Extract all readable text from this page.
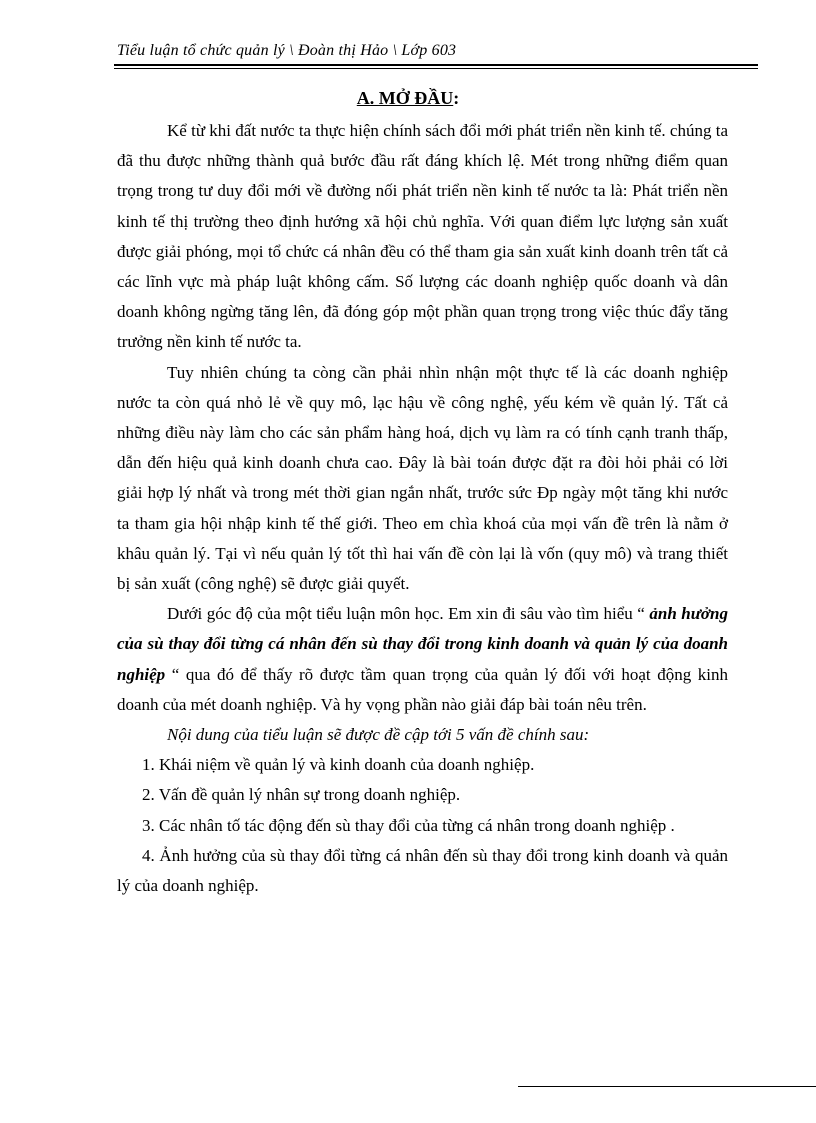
Tiểu luận tổ chức quản lý \ Đoàn thị Hảo \ Lớp 603
A. MỞ ĐẦU:

Kể từ khi đất nước ta thực hiện chính sách đổi mới phát triển nền kinh tế. chúng ta đã thu được những thành quả bước đầu rất đáng khích lệ. Mét trong những điểm quan trọng trong tư duy đổi mới về đường nối phát triển nền kinh tế nước ta là: Phát triển nền kinh tế thị trường theo định hướng xã hội chủ nghĩa. Với quan điểm lực lượng sản xuất được giải phóng, mọi tổ chức cá nhân đều có thể tham gia sản xuất kinh doanh trên tất cả các lĩnh vực mà pháp luật không cấm. Số lượng các doanh nghiệp quốc doanh và dân doanh không ngừng tăng lên, đã đóng góp một phần quan trọng trong việc thúc đẩy tăng trưởng nền kinh tế nước ta.

Tuy nhiên chúng ta còng cần phải nhìn nhận một thực tế là các doanh nghiệp nước ta còn quá nhỏ lẻ về quy mô, lạc hậu về công nghệ, yếu kém về quản lý. Tất cả những điều này làm cho các sản phẩm hàng hoá, dịch vụ làm ra có tính cạnh tranh thấp, dẫn đến hiệu quả kinh doanh chưa cao. Đây là bài toán được đặt ra đòi hỏi phải có lời giải hợp lý nhất và trong mét thời gian ngắn nhất, trước sức Ðp ngày một tăng khi nước ta tham gia hội nhập kinh tế thế giới. Theo em chìa khoá của mọi vấn đề trên là nằm ở khâu quản lý. Tại vì nếu quản lý tốt thì hai vấn đề còn lại là vốn (quy mô) và trang thiết bị sản xuất (công nghệ) sẽ được giải quyết.

Dưới góc độ của một tiểu luận môn học. Em xin đi sâu vào tìm hiểu “ ảnh hưởng của sù thay đổi từng cá nhân đến sù thay đổi trong kinh doanh và quản lý của doanh nghiệp “ qua đó để thấy rõ được tầm quan trọng của quản lý đối với hoạt động kinh doanh của mét doanh nghiệp. Và hy vọng phần nào giải đáp bài toán nêu trên.

Nội dung của tiểu luận sẽ được đề cập tới 5 vấn đề chính sau:

1. Khái niệm về quản lý và kinh doanh của doanh nghiệp.

2. Vấn đề quản lý nhân sự trong doanh nghiệp.

3. Các nhân tố tác động đến sù thay đổi của từng cá nhân trong doanh nghiệp .

4. Ảnh hưởng của sù thay đổi từng cá nhân đến sù thay đổi trong kinh doanh và quản lý của doanh nghiệp.
